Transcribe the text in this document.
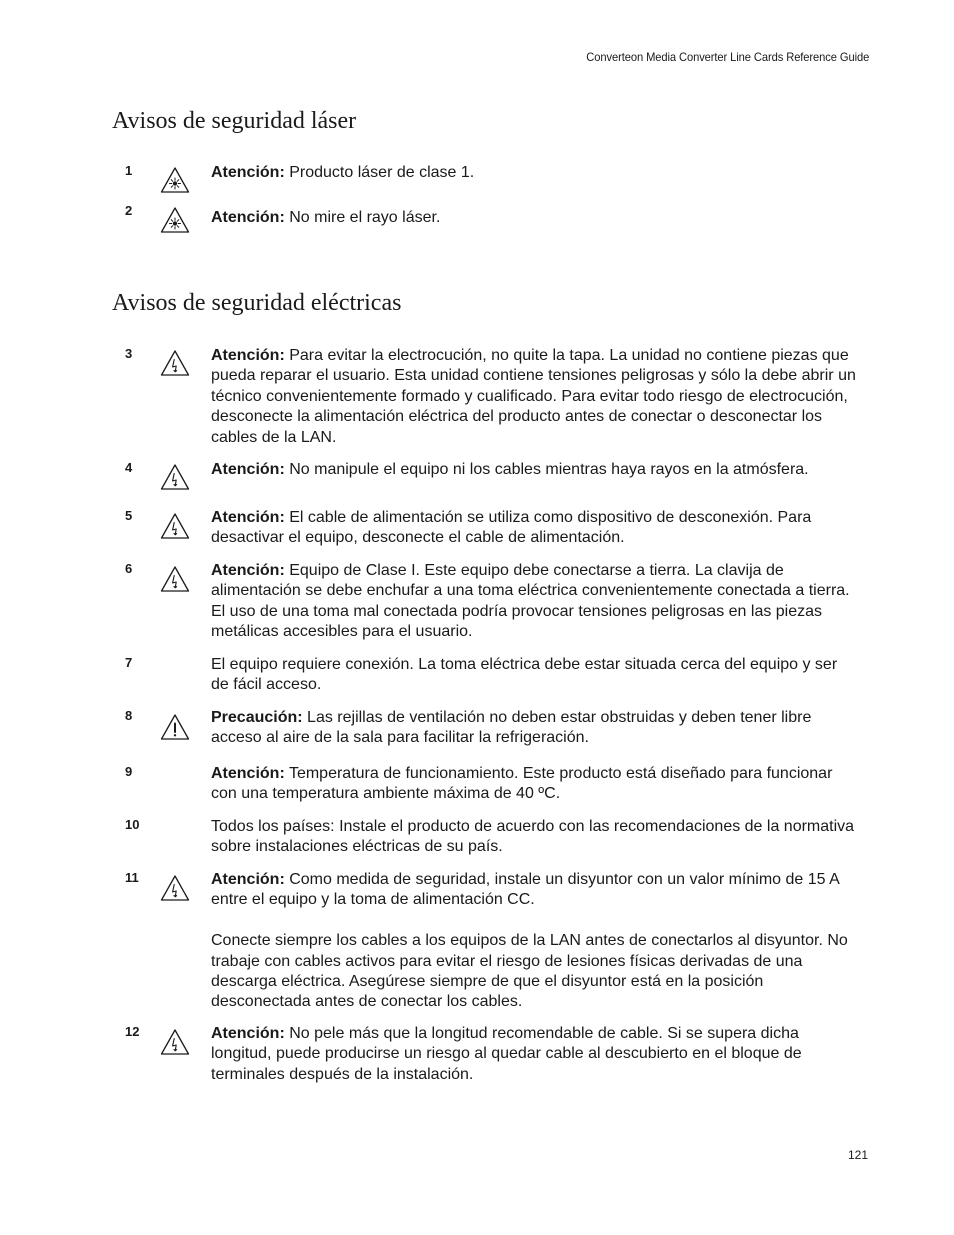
Converteon Media Converter Line Cards Reference Guide
Avisos de seguridad láser
1	Atención: Producto láser de clase 1.
2	Atención: No mire el rayo láser.
Avisos de seguridad eléctricas
3	Atención: Para evitar la electrocución, no quite la tapa. La unidad no contiene piezas que pueda reparar el usuario. Esta unidad contiene tensiones peligrosas y sólo la debe abrir un técnico convenientemente formado y cualificado. Para evitar todo riesgo de electrocución, desconecte la alimentación eléctrica del producto antes de conectar o desconectar los cables de la LAN.
4	Atención: No manipule el equipo ni los cables mientras haya rayos en la atmósfera.
5	Atención: El cable de alimentación se utiliza como dispositivo de desconexión. Para desactivar el equipo, desconecte el cable de alimentación.
6	Atención: Equipo de Clase I. Este equipo debe conectarse a tierra. La clavija de alimentación se debe enchufar a una toma eléctrica convenientemente conectada a tierra. El uso de una toma mal conectada podría provocar tensiones peligrosas en las piezas metálicas accesibles para el usuario.
7	El equipo requiere conexión. La toma eléctrica debe estar situada cerca del equipo y ser de fácil acceso.
8	Precaución: Las rejillas de ventilación no deben estar obstruidas y deben tener libre acceso al aire de la sala para facilitar la refrigeración.
9	Atención: Temperatura de funcionamiento. Este producto está diseñado para funcionar con una temperatura ambiente máxima de 40 ºC.
10	Todos los países: Instale el producto de acuerdo con las recomendaciones de la normativa sobre instalaciones eléctricas de su país.
11	Atención: Como medida de seguridad, instale un disyuntor con un valor mínimo de 15 A entre el equipo y la toma de alimentación CC.

Conecte siempre los cables a los equipos de la LAN antes de conectarlos al disyuntor. No trabaje con cables activos para evitar el riesgo de lesiones físicas derivadas de una descarga eléctrica. Asegúrese siempre de que el disyuntor está en la posición desconectada antes de conectar los cables.

12	Atención: No pele más que la longitud recomendable de cable. Si se supera dicha longitud, puede producirse un riesgo al quedar cable al descubierto en el bloque de terminales después de la instalación.
121
